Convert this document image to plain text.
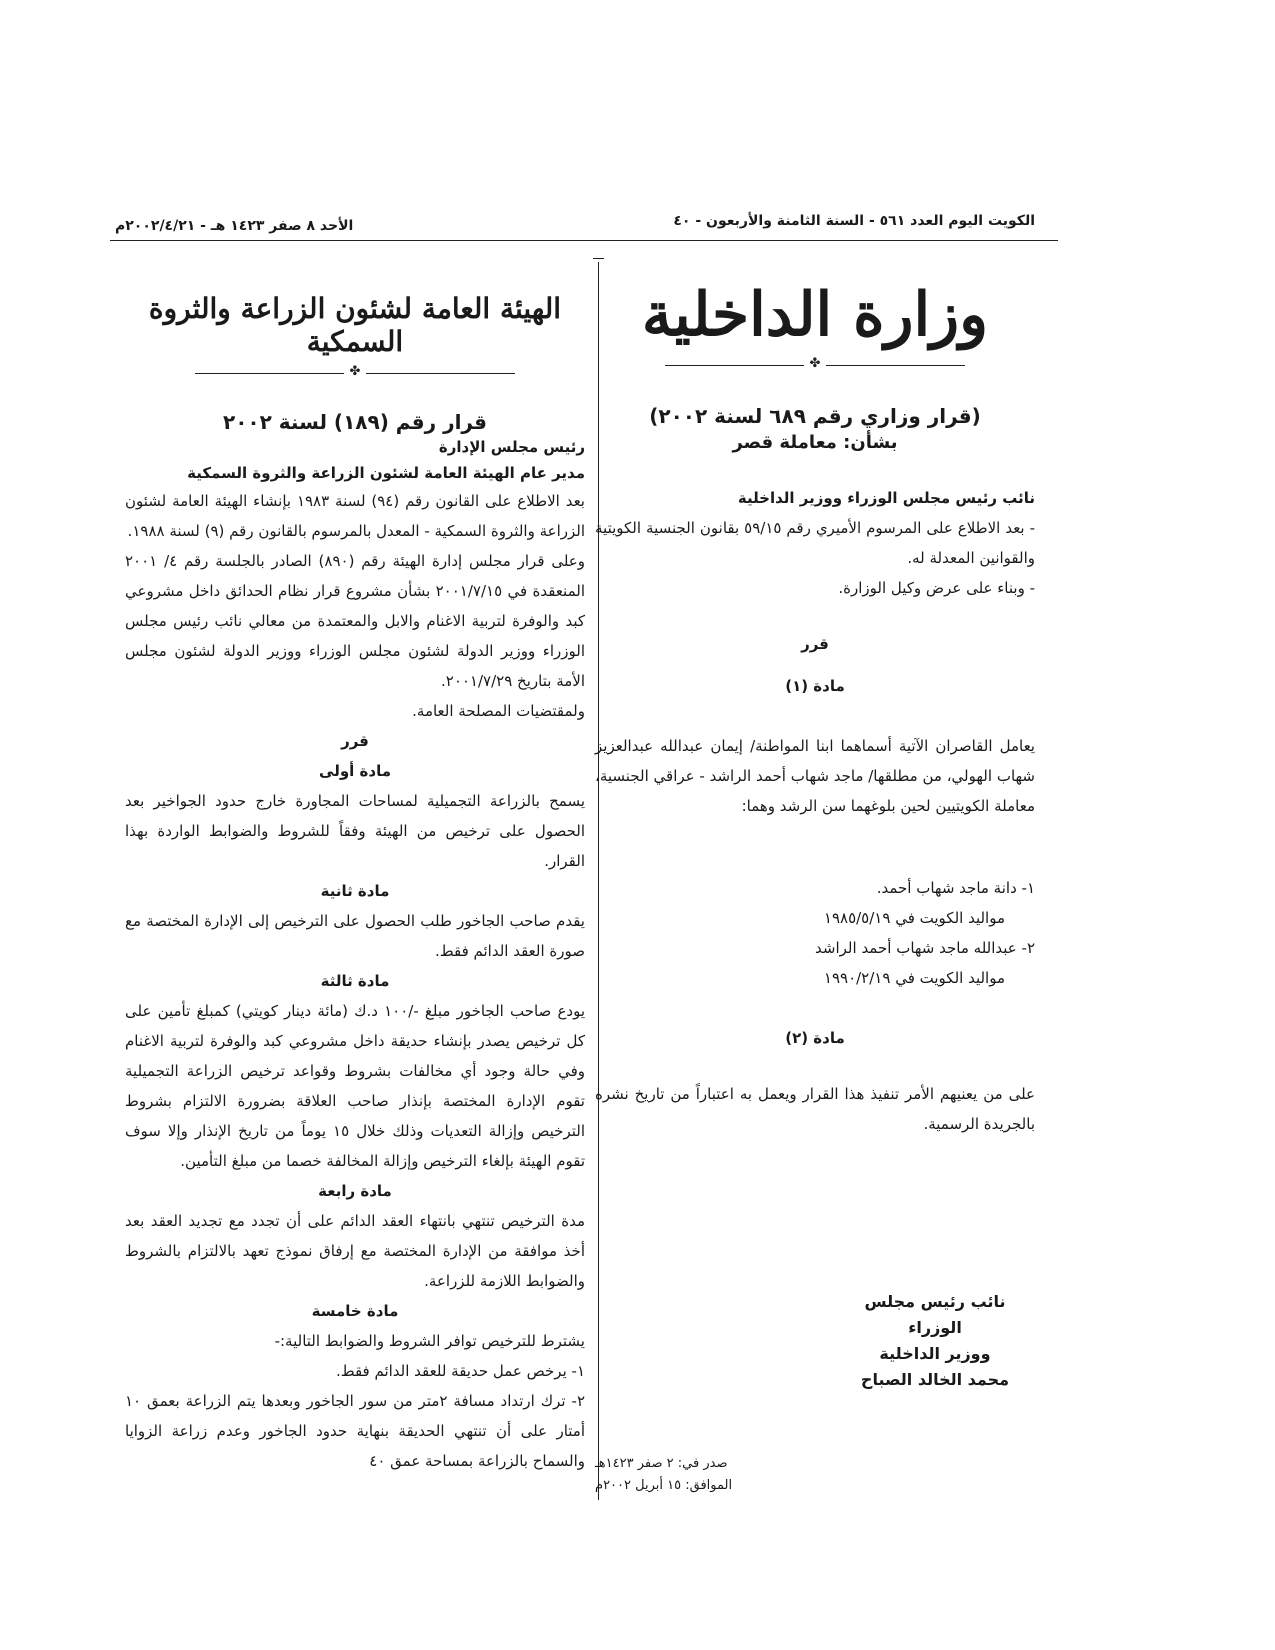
الكويت اليوم العدد ٥٦١ - السنة الثامنة والأربعون - ٤٠
الأحد ٨ صفر ١٤٢٣ هـ - ٢٠٠٢/٤/٢١م
وزارة الداخلية
✤
(قرار وزاري رقم ٦٨٩ لسنة ٢٠٠٢)
بشأن: معاملة قصر

نائب رئيس مجلس الوزراء ووزير الداخلية

- بعد الاطلاع على المرسوم الأميري رقم ٥٩/١٥ بقانون الجنسية الكويتية والقوانين المعدلة له.

- وبناء على عرض وكيل الوزارة.

قرر

مادة (١)

يعامل القاصران الآتية أسماهما ابنا المواطنة/ إيمان عبدالله عبدالعزيز شهاب الهولي، من مطلقها/ ماجد شهاب أحمد الراشد - عراقي الجنسية، معاملة الكويتيين لحين بلوغهما سن الرشد وهما:

١- دانة ماجد شهاب أحمد.

مواليد الكويت في ١٩٨٥/٥/١٩

٢- عبدالله ماجد شهاب أحمد الراشد

مواليد الكويت في ١٩٩٠/٢/١٩

مادة (٢)

على من يعنيهم الأمر تنفيذ هذا القرار ويعمل به اعتباراً من تاريخ نشره بالجريدة الرسمية.

نائب رئيس مجلس الوزراء
ووزير الداخلية
محمد الخالد الصباح
صدر في: ٢ صفر ١٤٢٣هـ
الموافق: ١٥ أبريل ٢٠٠٢م
الهيئة العامة لشئون الزراعة والثروة السمكية
✤
قرار رقم (١٨٩) لسنة ٢٠٠٢

رئيس مجلس الإدارة

مدير عام الهيئة العامة لشئون الزراعة والثروة السمكية

بعد الاطلاع على القانون رقم (٩٤) لسنة ١٩٨٣ بإنشاء الهيئة العامة لشئون الزراعة والثروة السمكية - المعدل بالمرسوم بالقانون رقم (٩) لسنة ١٩٨٨.

وعلى قرار مجلس إدارة الهيئة رقم (٨٩٠) الصادر بالجلسة رقم ٤/ ٢٠٠١ المنعقدة في ٢٠٠١/٧/١٥ بشأن مشروع قرار نظام الحدائق داخل مشروعي كبد والوفرة لتربية الاغنام والابل والمعتمدة من معالي نائب رئيس مجلس الوزراء ووزير الدولة لشئون مجلس الوزراء ووزير الدولة لشئون مجلس الأمة بتاريخ ٢٠٠١/٧/٢٩.

ولمقتضيات المصلحة العامة.

قرر

مادة أولى

يسمح بالزراعة التجميلية لمساحات المجاورة خارج حدود الجواخير بعد الحصول على ترخيص من الهيئة وفقاً للشروط والضوابط الواردة بهذا القرار.

مادة ثانية

يقدم صاحب الجاخور طلب الحصول على الترخيص إلى الإدارة المختصة مع صورة العقد الدائم فقط.

مادة ثالثة

يودع صاحب الجاخور مبلغ -/١٠٠ د.ك (مائة دينار كويتي) كمبلغ تأمين على كل ترخيص يصدر بإنشاء حديقة داخل مشروعي كبد والوفرة لتربية الاغنام وفي حالة وجود أي مخالفات بشروط وقواعد ترخيص الزراعة التجميلية تقوم الإدارة المختصة بإنذار صاحب العلاقة بضرورة الالتزام بشروط الترخيص وإزالة التعديات وذلك خلال ١٥ يوماً من تاريخ الإنذار وإلا سوف تقوم الهيئة بإلغاء الترخيص وإزالة المخالفة خصما من مبلغ التأمين.

مادة رابعة

مدة الترخيص تنتهي بانتهاء العقد الدائم على أن تجدد مع تجديد العقد بعد أخذ موافقة من الإدارة المختصة مع إرفاق نموذج تعهد بالالتزام بالشروط والضوابط اللازمة للزراعة.

مادة خامسة

يشترط للترخيص توافر الشروط والضوابط التالية:-

١- يرخص عمل حديقة للعقد الدائم فقط.

٢- ترك ارتداد مسافة ٢متر من سور الجاخور وبعدها يتم الزراعة بعمق ١٠ أمتار على أن تنتهي الحديقة بنهاية حدود الجاخور وعدم زراعة الزوايا والسماح بالزراعة بمساحة عمق ٤٠
